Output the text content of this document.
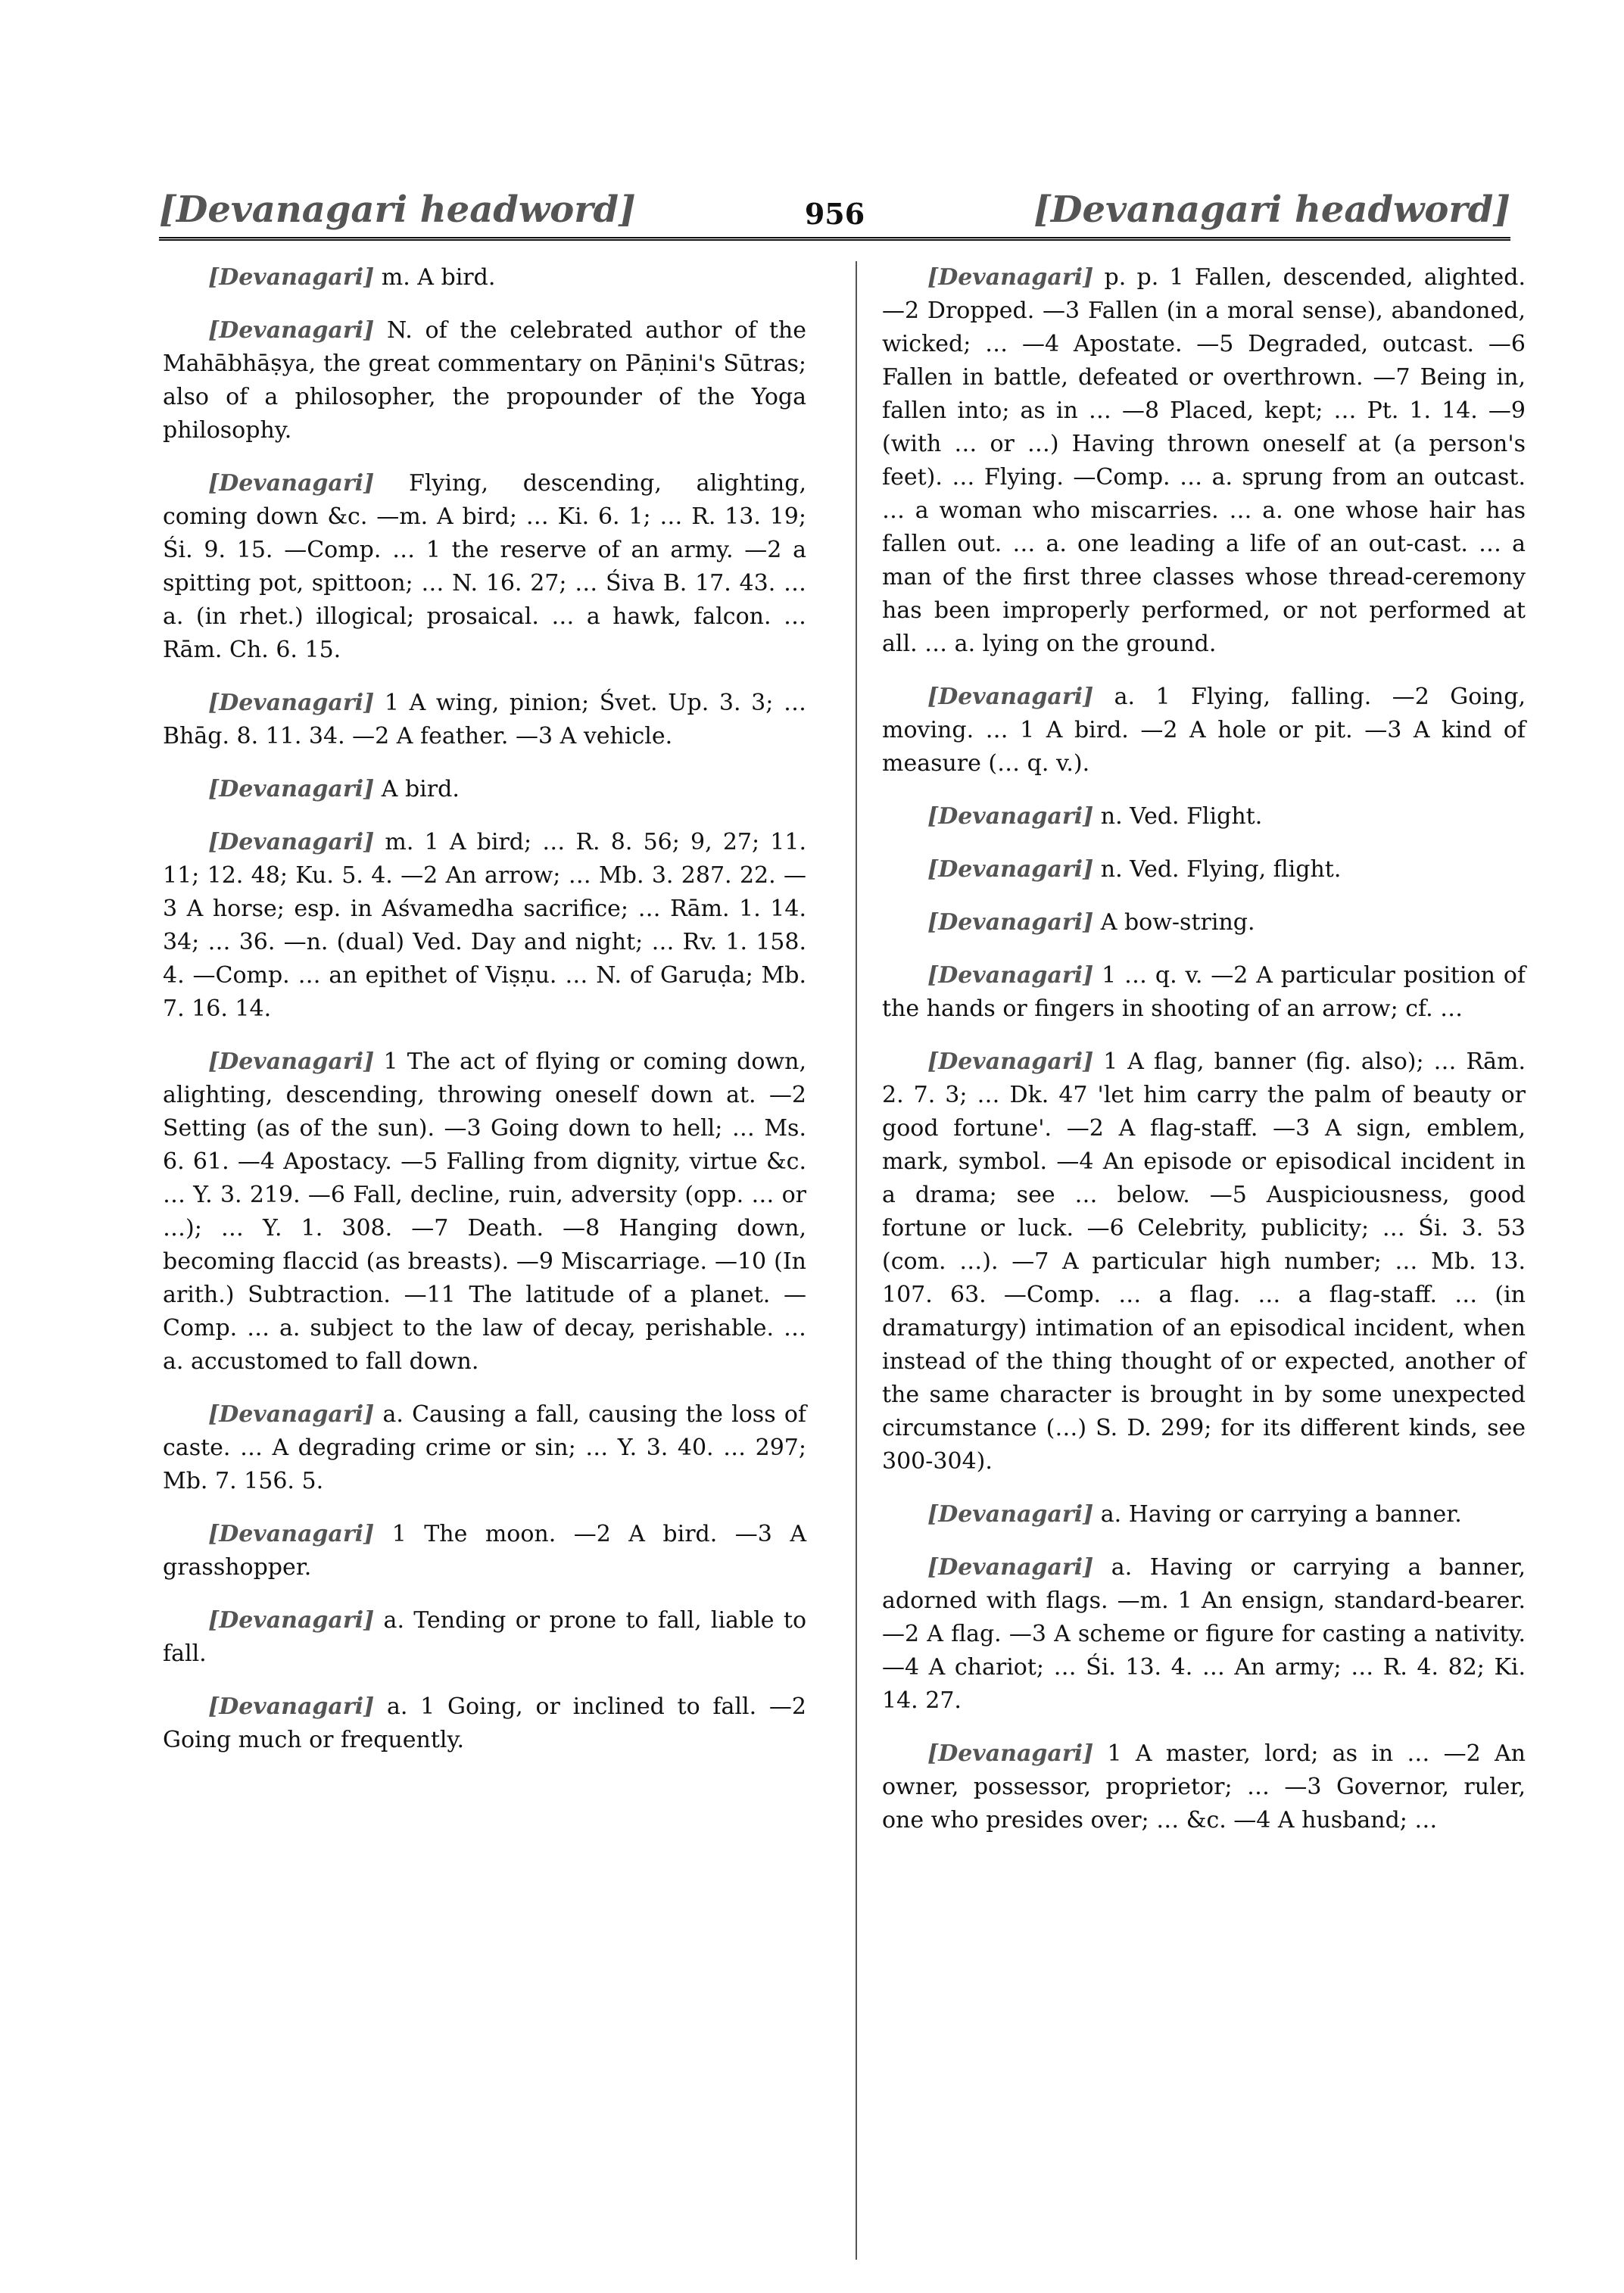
[Devanagari headword]	956	[Devanagari headword]

[Devanagari] m. A bird.

[Devanagari] N. of the celebrated author of the Mahābhāṣya, the great commentary on Pāṇini's Sūtras; also of a philosopher, the propounder of the Yoga philosophy.

[Devanagari] Flying, descending, alighting, coming down &c. —m. A bird; … Ki. 6. 1; … R. 13. 19; Śi. 9. 15. —Comp. … 1 the reserve of an army. —2 a spitting pot, spittoon; … N. 16. 27; … Śiva B. 17. 43. … a. (in rhet.) illogical; prosaical. … a hawk, falcon. … Rām. Ch. 6. 15.

[Devanagari] 1 A wing, pinion; Śvet. Up. 3. 3; … Bhāg. 8. 11. 34. —2 A feather. —3 A vehicle.

[Devanagari] A bird.

[Devanagari] m. 1 A bird; … R. 8. 56; 9, 27; 11. 11; 12. 48; Ku. 5. 4. —2 An arrow; … Mb. 3. 287. 22. —3 A horse; esp. in Aśvamedha sacrifice; … Rām. 1. 14. 34; … 36. —n. (dual) Ved. Day and night; … Rv. 1. 158. 4. —Comp. … an epithet of Viṣṇu. … N. of Garuḍa; Mb. 7. 16. 14.

[Devanagari] 1 The act of flying or coming down, alighting, descending, throwing oneself down at. —2 Setting (as of the sun). —3 Going down to hell; … Ms. 6. 61. —4 Apostacy. —5 Falling from dignity, virtue &c. … Y. 3. 219. —6 Fall, decline, ruin, adversity (opp. … or …); … Y. 1. 308. —7 Death. —8 Hanging down, becoming flaccid (as breasts). —9 Miscarriage. —10 (In arith.) Subtraction. —11 The latitude of a planet. —Comp. … a. subject to the law of decay, perishable. … a. accustomed to fall down.

[Devanagari] a. Causing a fall, causing the loss of caste. … A degrading crime or sin; … Y. 3. 40. … 297; Mb. 7. 156. 5.

[Devanagari] 1 The moon. —2 A bird. —3 A grasshopper.

[Devanagari] a. Tending or prone to fall, liable to fall.

[Devanagari] a. 1 Going, or inclined to fall. —2 Going much or frequently.

[Devanagari] p. p. 1 Fallen, descended, alighted. —2 Dropped. —3 Fallen (in a moral sense), abandoned, wicked; … —4 Apostate. —5 Degraded, outcast. —6 Fallen in battle, defeated or overthrown. —7 Being in, fallen into; as in … —8 Placed, kept; … Pt. 1. 14. —9 (with … or …) Having thrown oneself at (a person's feet). … Flying. —Comp. … a. sprung from an outcast. … a woman who miscarries. … a. one whose hair has fallen out. … a. one leading a life of an out-cast. … a man of the first three classes whose thread-ceremony has been improperly performed, or not performed at all. … a. lying on the ground.

[Devanagari] a. 1 Flying, falling. —2 Going, moving. … 1 A bird. —2 A hole or pit. —3 A kind of measure (… q. v.).

[Devanagari] n. Ved. Flight.

[Devanagari] n. Ved. Flying, flight.

[Devanagari] A bow-string.

[Devanagari] 1 … q. v. —2 A particular position of the hands or fingers in shooting of an arrow; cf. …

[Devanagari] 1 A flag, banner (fig. also); … Rām. 2. 7. 3; … Dk. 47 'let him carry the palm of beauty or good fortune'. —2 A flag-staff. —3 A sign, emblem, mark, symbol. —4 An episode or episodical incident in a drama; see … below. —5 Auspiciousness, good fortune or luck. —6 Celebrity, publicity; … Śi. 3. 53 (com. …). —7 A particular high number; … Mb. 13. 107. 63. —Comp. … a flag. … a flag-staff. … (in dramaturgy) intimation of an episodical incident, when instead of the thing thought of or expected, another of the same character is brought in by some unexpected circumstance (…) S. D. 299; for its different kinds, see 300-304).

[Devanagari] a. Having or carrying a banner.

[Devanagari] a. Having or carrying a banner, adorned with flags. —m. 1 An ensign, standard-bearer. —2 A flag. —3 A scheme or figure for casting a nativity. —4 A chariot; … Śi. 13. 4. … An army; … R. 4. 82; Ki. 14. 27.

[Devanagari] 1 A master, lord; as in … —2 An owner, possessor, proprietor; … —3 Governor, ruler, one who presides over; … &c. —4 A husband; …
